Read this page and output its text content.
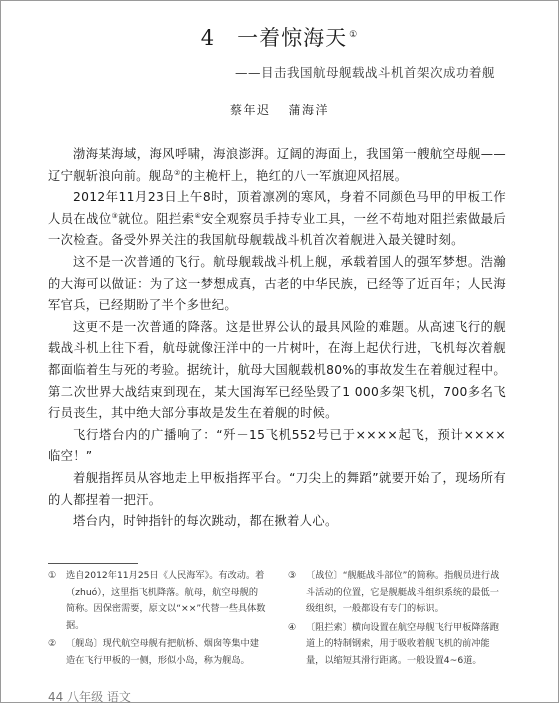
4 一着惊海天 ①
——目击我国航母舰载战斗机首架次成功着舰
蔡年迟 蒲海洋

渤海某海域，海风呼啸，海浪澎湃。辽阔的海面上，我国第一艘航空母舰——辽宁舰斩浪向前。舰岛②的主桅杆上，艳红的八一军旗迎风招展。

2012年11月23日上午8时，顶着凛冽的寒风，身着不同颜色马甲的甲板工作人员在战位③就位。阻拦索④安全观察员手持专业工具，一丝不苟地对阻拦索做最后一次检查。备受外界关注的我国航母舰载战斗机首次着舰进入最关键时刻。

这不是一次普通的飞行。航母舰载战斗机上舰，承载着国人的强军梦想。浩瀚的大海可以做证：为了这一梦想成真，古老的中华民族，已经等了近百年；人民海军官兵，已经期盼了半个多世纪。

这更不是一次普通的降落。这是世界公认的最具风险的难题。从高速飞行的舰载战斗机上往下看，航母就像汪洋中的一片树叶，在海上起伏行进，飞机每次着舰都面临着生与死的考验。据统计，航母大国舰载机80%的事故发生在着舰过程中。第二次世界大战结束到现在，某大国海军已经坠毁了1 000多架飞机，700多名飞行员丧生，其中绝大部分事故是发生在着舰的时候。

飞行塔台内的广播响了：“歼－15飞机552号已于××××起飞，预计××××临空！”

着舰指挥员从容地走上甲板指挥平台。“刀尖上的舞蹈”就要开始了，现场所有的人都捏着一把汗。

塔台内，时钟指针的每次跳动，都在揪着人心。

①	选自2012年11月25日《人民海军》。有改动。着（zhuó），这里指飞机降落。航母，航空母舰的简称。因保密需要，原文以“××”代替一些具体数据。
②	〔舰岛〕现代航空母舰有把航桥、烟囱等集中建造在飞行甲板的一侧，形似小岛，称为舰岛。
③	〔战位〕“舰艇战斗部位”的简称。指舰员进行战斗活动的位置，它是舰艇战斗组织系统的最低一级组织，一般都设有专门的标识。
④	〔阻拦索〕横向设置在航空母舰飞行甲板降落跑道上的特制钢索，用于吸收着舰飞机的前冲能量，以缩短其滑行距离。一般设置4~6道。
44 八年级 语文
